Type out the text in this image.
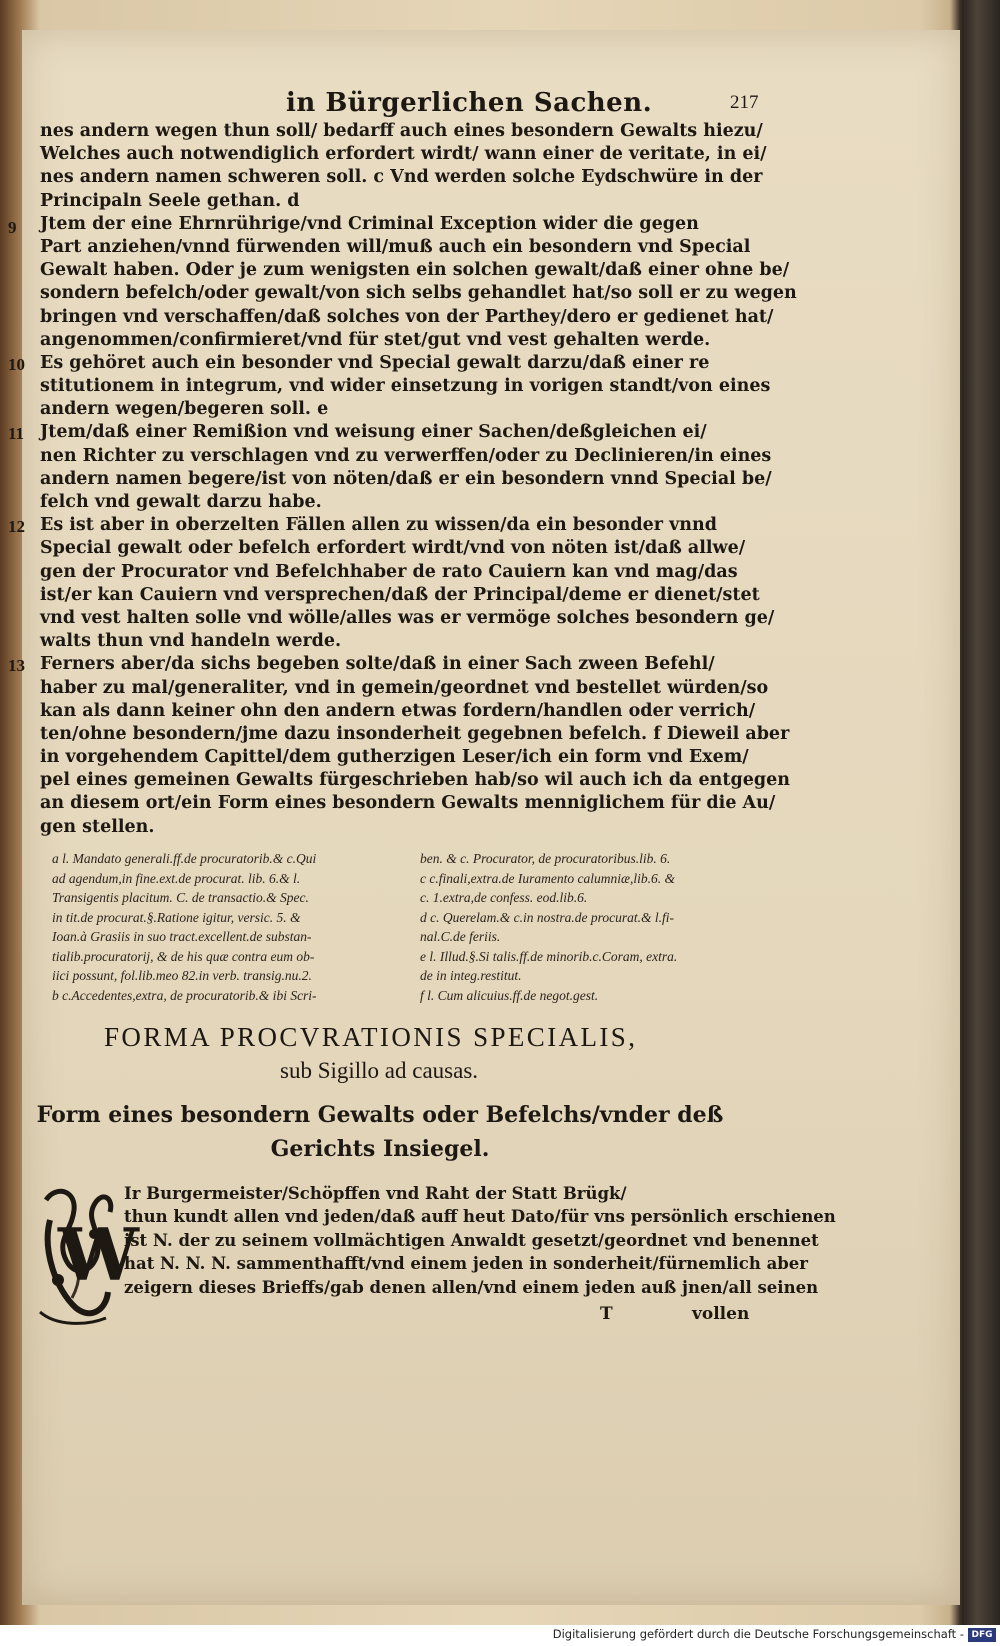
in Bürgerlichen Sachen.	217
nes andern wegen thun soll/ bedarff auch eines besondern Gewalts hiezu/
Welches auch notwendiglich erfordert wirdt/ wann einer de veritate, in ei/
nes andern namen schweren soll. c Vnd werden solche Eydschwüre in der
Principaln Seele gethan. d
Jtem der eine Ehrnrührige/vnd Criminal Exception wider die gegen
Part anziehen/vnnd fürwenden will/muß auch ein besondern vnd Special
Gewalt haben. Oder je zum wenigsten ein solchen gewalt/daß einer ohne be/
sondern befelch/oder gewalt/von sich selbs gehandlet hat/so soll er zu wegen
bringen vnd verschaffen/daß solches von der Parthey/dero er gedienet hat/
angenommen/confirmieret/vnd für stet/gut vnd vest gehalten werde.
Es gehöret auch ein besonder vnd Special gewalt darzu/daß einer re
stitutionem in integrum, vnd wider einsetzung in vorigen standt/von eines
andern wegen/begeren soll. e
Jtem/daß einer Remißion vnd weisung einer Sachen/deßgleichen ei/
nen Richter zu verschlagen vnd zu verwerffen/oder zu Declinieren/in eines
andern namen begere/ist von nöten/daß er ein besondern vnnd Special be/
felch vnd gewalt darzu habe.
Es ist aber in oberzelten Fällen allen zu wissen/da ein besonder vnnd
Special gewalt oder befelch erfordert wirdt/vnd von nöten ist/daß allwe/
gen der Procurator vnd Befelchhaber de rato Cauiern kan vnd mag/das
ist/er kan Cauiern vnd versprechen/daß der Principal/deme er dienet/stet
vnd vest halten solle vnd wölle/alles was er vermöge solches besondern ge/
walts thun vnd handeln werde.
Ferners aber/da sichs begeben solte/daß in einer Sach zween Befehl/
haber zu mal/generaliter, vnd in gemein/geordnet vnd bestellet würden/so
kan als dann keiner ohn den andern etwas fordern/handlen oder verrich/
ten/ohne besondern/jme dazu insonderheit gegebnen befelch. f Dieweil aber
in vorgehendem Capittel/dem gutherzigen Leser/ich ein form vnd Exem/
pel eines gemeinen Gewalts fürgeschrieben hab/so wil auch ich da entgegen
an diesem ort/ein Form eines besondern Gewalts menniglichem für die Au/
gen stellen.
9
10
11
12
13
a l. Mandato generali.ff.de procuratorib.& c.Qui
ad agendum,in fine.ext.de procurat. lib. 6.& l.
Transigentis placitum. C. de transactio.& Spec.
in tit.de procurat.§.Ratione igitur, versic. 5. &
Ioan.à Grasiis in suo tract.excellent.de substan-
tialib.procuratorij, & de his quæ contra eum ob-
iici possunt, fol.lib.meo 82.in verb. transig.nu.2.
b c.Accedentes,extra, de procuratorib.& ibi Scri-
ben. & c. Procurator, de procuratoribus.lib. 6.
c c.finali,extra.de Iuramento calumniæ,lib.6. &
c. 1.extra,de confess. eod.lib.6.
d c. Querelam.& c.in nostra.de procurat.& l.fi-
nal.C.de feriis.
e l. Illud.§.Si talis.ff.de minorib.c.Coram, extra.
de in integ.restitut.
f l. Cum alicuius.ff.de negot.gest.
FORMA PROCVRATIONIS SPECIALIS,
sub Sigillo ad causas.
Form eines besondern Gewalts oder Befelchs/vnder deß
Gerichts Insiegel.
W
Ir Burgermeister/Schöpffen vnd Raht der Statt Brügk/
thun kundt allen vnd jeden/daß auff heut Dato/für vns persönlich erschienen
ist N. der zu seinem vollmächtigen Anwaldt gesetzt/geordnet vnd benennet
hat N. N. N. sammenthafft/vnd einem jeden in sonderheit/fürnemlich aber
zeigern dieses Brieffs/gab denen allen/vnd einem jeden auß jnen/all seinen
T	vollen
Digitalisierung gefördert durch die Deutsche Forschungsgemeinschaft - DFG
